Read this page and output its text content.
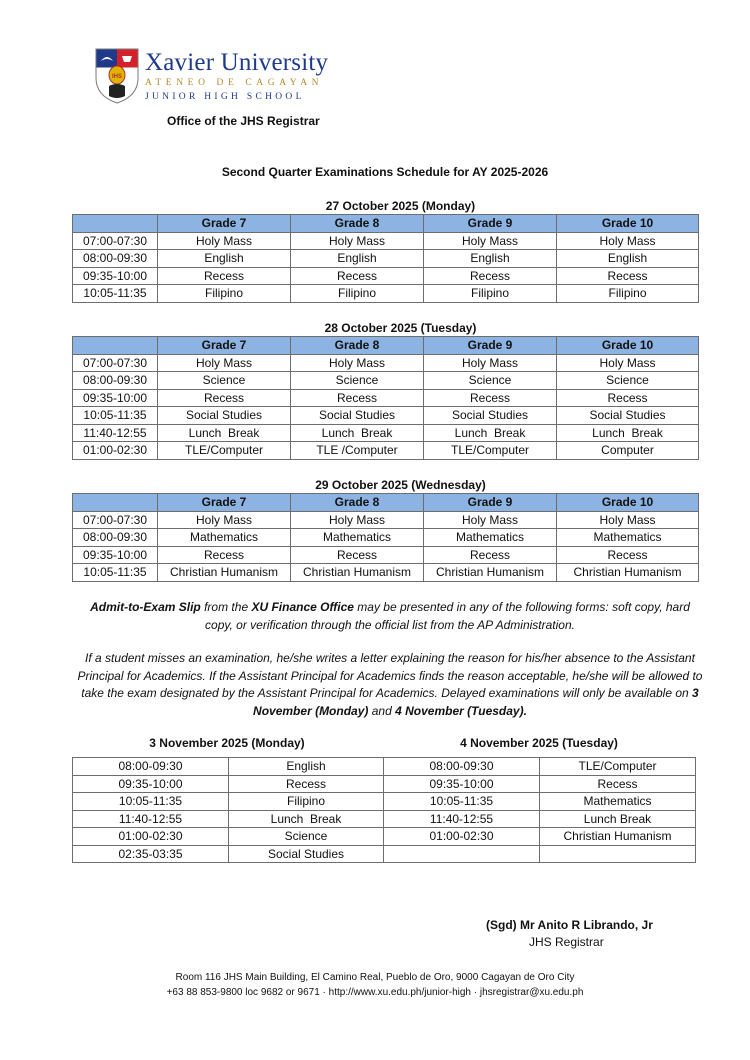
IHS
Xavier University
ATENEO DE CAGAYAN
JUNIOR HIGH SCHOOL
Office of the JHS Registrar
Second Quarter Examinations Schedule for AY 2025-2026
27 October 2025 (Monday)
	Grade 7	Grade 8	Grade 9	Grade 10
07:00-07:30	Holy Mass	Holy Mass	Holy Mass	Holy Mass
08:00-09:30	English	English	English	English
09:35-10:00	Recess	Recess	Recess	Recess
10:05-11:35	Filipino	Filipino	Filipino	Filipino
28 October 2025 (Tuesday)
	Grade 7	Grade 8	Grade 9	Grade 10
07:00-07:30	Holy Mass	Holy Mass	Holy Mass	Holy Mass
08:00-09:30	Science	Science	Science	Science
09:35-10:00	Recess	Recess	Recess	Recess
10:05-11:35	Social Studies	Social Studies	Social Studies	Social Studies
11:40-12:55	Lunch  Break	Lunch  Break	Lunch  Break	Lunch  Break
01:00-02:30	TLE/Computer	TLE /Computer	TLE/Computer	Computer
29 October 2025 (Wednesday)
	Grade 7	Grade 8	Grade 9	Grade 10
07:00-07:30	Holy Mass	Holy Mass	Holy Mass	Holy Mass
08:00-09:30	Mathematics	Mathematics	Mathematics	Mathematics
09:35-10:00	Recess	Recess	Recess	Recess
10:05-11:35	Christian Humanism	Christian Humanism	Christian Humanism	Christian Humanism
Admit-to-Exam Slip from the XU Finance Office may be presented in any of the following forms: soft copy, hard copy, or verification through the official list from the AP Administration.
If a student misses an examination, he/she writes a letter explaining the reason for his/her absence to the Assistant Principal for Academics. If the Assistant Principal for Academics finds the reason acceptable, he/she will be allowed to take the exam designated by the Assistant Principal for Academics. Delayed examinations will only be available on 3 November (Monday) and 4 November (Tuesday).
3 November 2025 (Monday)	4 November 2025 (Tuesday)
08:00-09:30	English	08:00-09:30	TLE/Computer
09:35-10:00	Recess	09:35-10:00	Recess
10:05-11:35	Filipino	10:05-11:35	Mathematics
11:40-12:55	Lunch  Break	11:40-12:55	Lunch Break
01:00-02:30	Science	01:00-02:30	Christian Humanism
02:35-03:35	Social Studies		
(Sgd) Mr Anito R Librando, Jr
JHS Registrar
Room 116 JHS Main Building, El Camino Real, Pueblo de Oro, 9000 Cagayan de Oro City
+63 88 853-9800 loc 9682 or 9671 · http://www.xu.edu.ph/junior-high · jhsregistrar@xu.edu.ph
